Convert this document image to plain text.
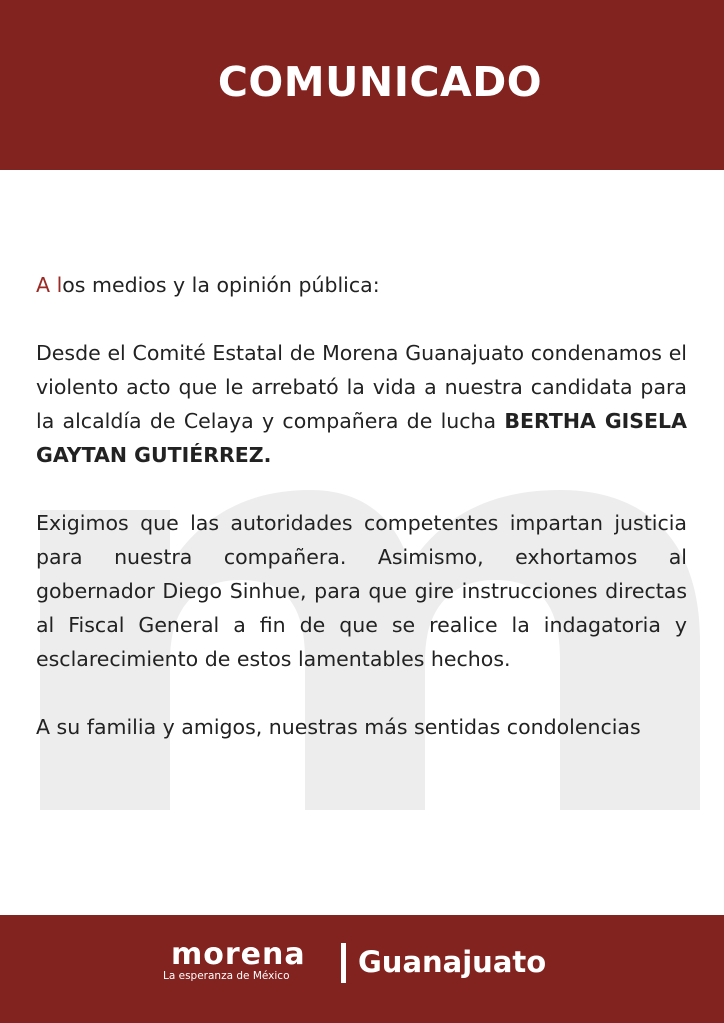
COMUNICADO

A los medios y la opinión pública:

Desde el Comité Estatal de Morena Guanajuato condenamos el violento acto que le arrebató la vida a nuestra candidata para la alcaldía de Celaya y compañera de lucha BERTHA GISELA GAYTAN GUTIÉRREZ.

Exigimos que las autoridades competentes impartan justicia para nuestra compañera. Asimismo, exhortamos al gobernador Diego Sinhue, para que gire instrucciones directas al Fiscal General a fin de que se realice la indagatoria y esclarecimiento de estos lamentables hechos.

A su familia y amigos, nuestras más sentidas condolencias

morena
La esperanza de México Guanajuato
